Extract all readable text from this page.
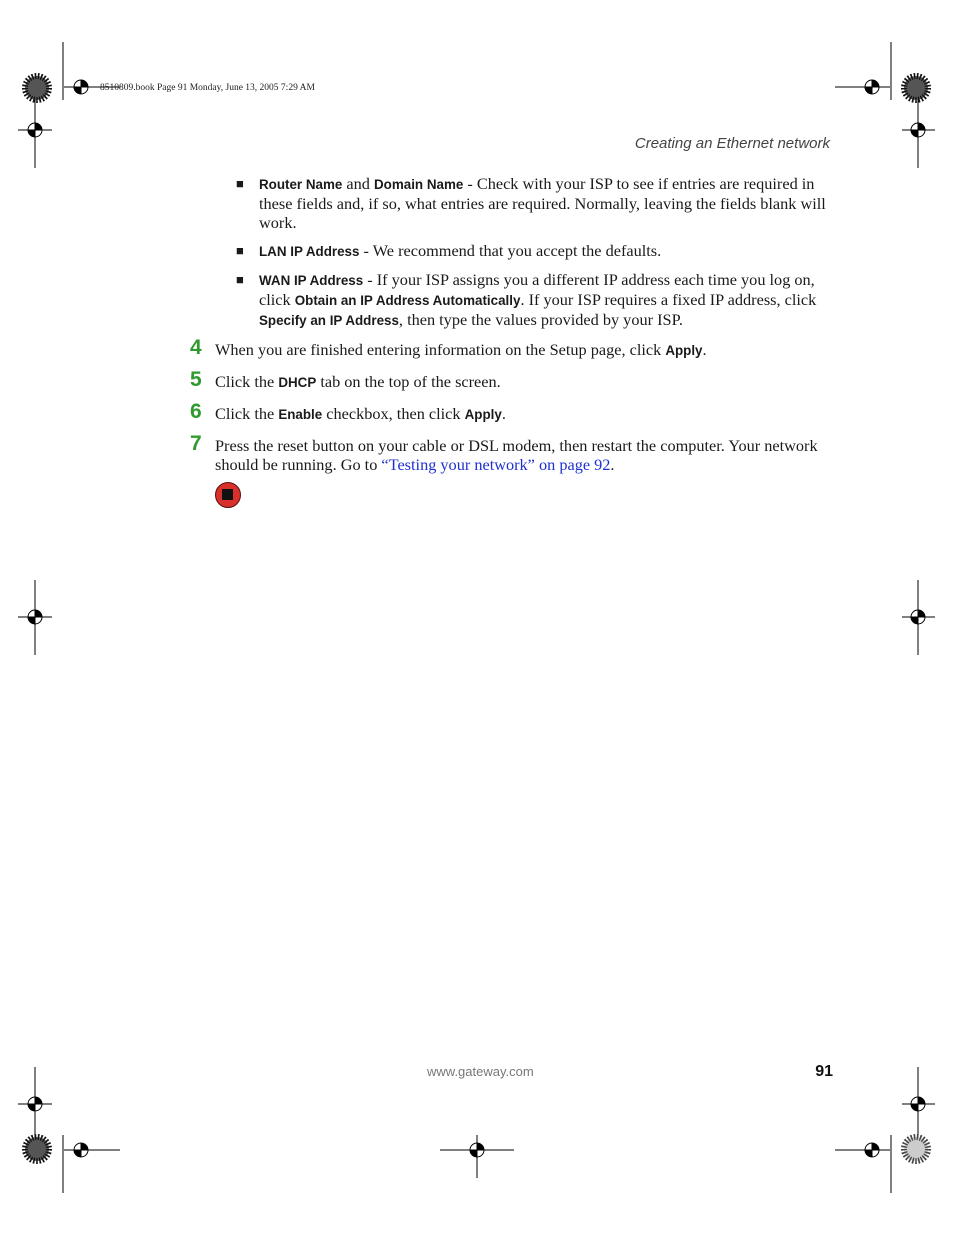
8510809.book Page 91 Monday, June 13, 2005 7:29 AM
Creating an Ethernet network
■ Router Name and Domain Name - Check with your ISP to see if entries are required in these fields and, if so, what entries are required. Normally, leaving the fields blank will work.
■ LAN IP Address - We recommend that you accept the defaults.
■ WAN IP Address - If your ISP assigns you a different IP address each time you log on, click Obtain an IP Address Automatically. If your ISP requires a fixed IP address, click Specify an IP Address, then type the values provided by your ISP.
4 When you are finished entering information on the Setup page, click Apply.
5 Click the DHCP tab on the top of the screen.
6 Click the Enable checkbox, then click Apply.
7 Press the reset button on your cable or DSL modem, then restart the computer. Your network should be running. Go to “Testing your network” on page 92.
www.gateway.com	91
